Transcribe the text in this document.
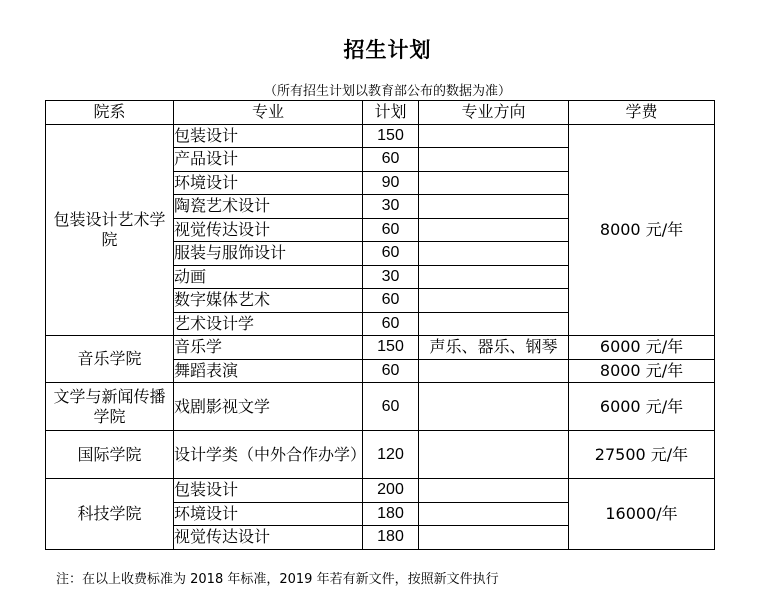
招生计划
（所有招生计划以教育部公布的数据为准）
院系	专业	计划	专业方向	学费
包装设计艺术学院	包装设计	150		8000 元/年
	产品设计	60		
	环境设计	90		
	陶瓷艺术设计	30		
	视觉传达设计	60		
	服装与服饰设计	60		
	动画	30		
	数字媒体艺术	60		
	艺术设计学	60		
音乐学院	音乐学	150	声乐、器乐、钢琴	6000 元/年
	舞蹈表演	60		8000 元/年
文学与新闻传播学院	戏剧影视文学	60		6000 元/年
国际学院	设计学类（中外合作办学）	120		27500 元/年
科技学院	包装设计	200		16000/年
	环境设计	180		
	视觉传达设计	180		
注：在以上收费标准为 2018 年标准，2019 年若有新文件，按照新文件执行
